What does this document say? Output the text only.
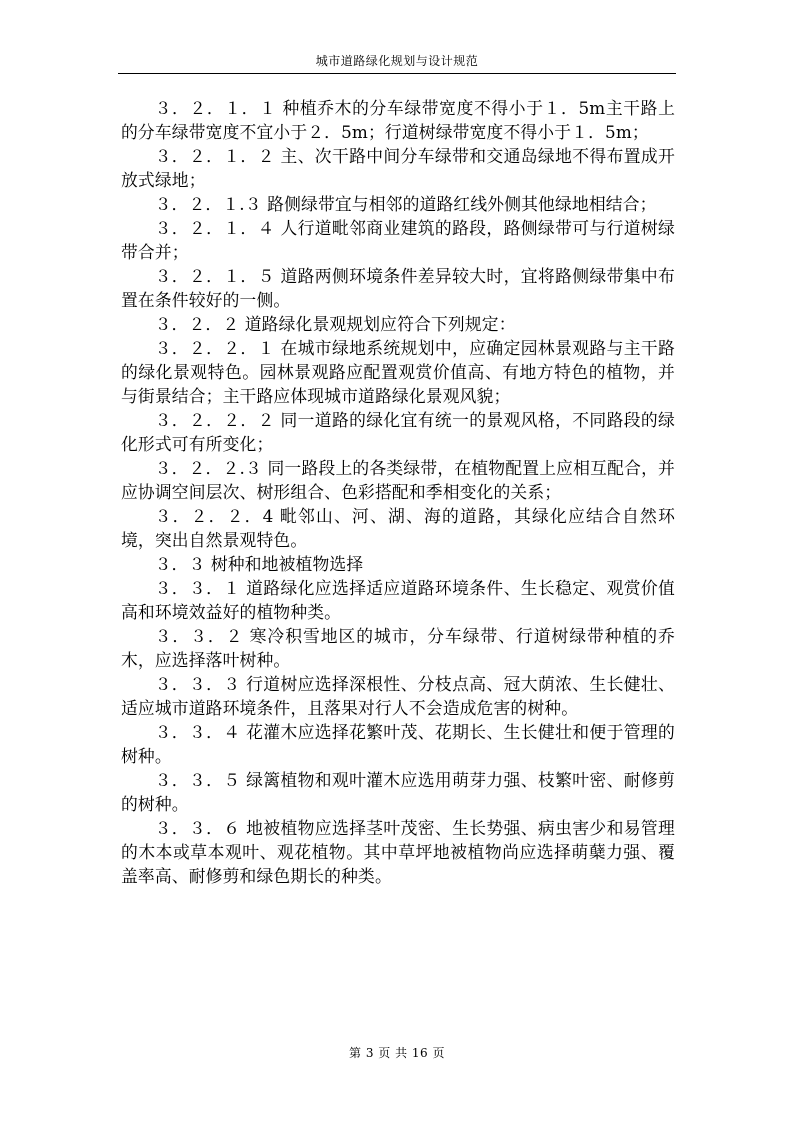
城市道路绿化规划与设计规范

３．２．１．１ 种植乔木的分车绿带宽度不得小于１．5m主干路上的分车绿带宽度不宜小于２．5m；行道树绿带宽度不得小于１．5m；

３．２．１．２ 主、次干路中间分车绿带和交通岛绿地不得布置成开放式绿地；

３．２．１.３ 路侧绿带宜与相邻的道路红线外侧其他绿地相结合；

３．２．１．４ 人行道毗邻商业建筑的路段，路侧绿带可与行道树绿带合并；

３．２．１．５ 道路两侧环境条件差异较大时，宜将路侧绿带集中布置在条件较好的一侧。

３．２．２ 道路绿化景观规划应符合下列规定：

３．２．２．１ 在城市绿地系统规划中，应确定园林景观路与主干路的绿化景观特色。园林景观路应配置观赏价值高、有地方特色的植物，并与街景结合；主干路应体现城市道路绿化景观风貌；

３．２．２．２ 同一道路的绿化宜有统一的景观风格，不同路段的绿化形式可有所变化；

３．２．２.３ 同一路段上的各类绿带，在植物配置上应相互配合，并应协调空间层次、树形组合、色彩搭配和季相变化的关系；

３．２．２．4 毗邻山、河、湖、海的道路，其绿化应结合自然环境，突出自然景观特色。

３．３ 树种和地被植物选择

３．３．１ 道路绿化应选择适应道路环境条件、生长稳定、观赏价值高和环境效益好的植物种类。

３．３．２ 寒冷积雪地区的城市，分车绿带、行道树绿带种植的乔木，应选择落叶树种。

３．３．３ 行道树应选择深根性、分枝点高、冠大荫浓、生长健壮、适应城市道路环境条件，且落果对行人不会造成危害的树种。

３．３．４ 花灌木应选择花繁叶茂、花期长、生长健壮和便于管理的树种。

３．３．５ 绿篱植物和观叶灌木应选用萌芽力强、枝繁叶密、耐修剪的树种。

３．３．６ 地被植物应选择茎叶茂密、生长势强、病虫害少和易管理的木本或草本观叶、观花植物。其中草坪地被植物尚应选择萌蘖力强、覆盖率高、耐修剪和绿色期长的种类。

第 3 页 共 16 页
